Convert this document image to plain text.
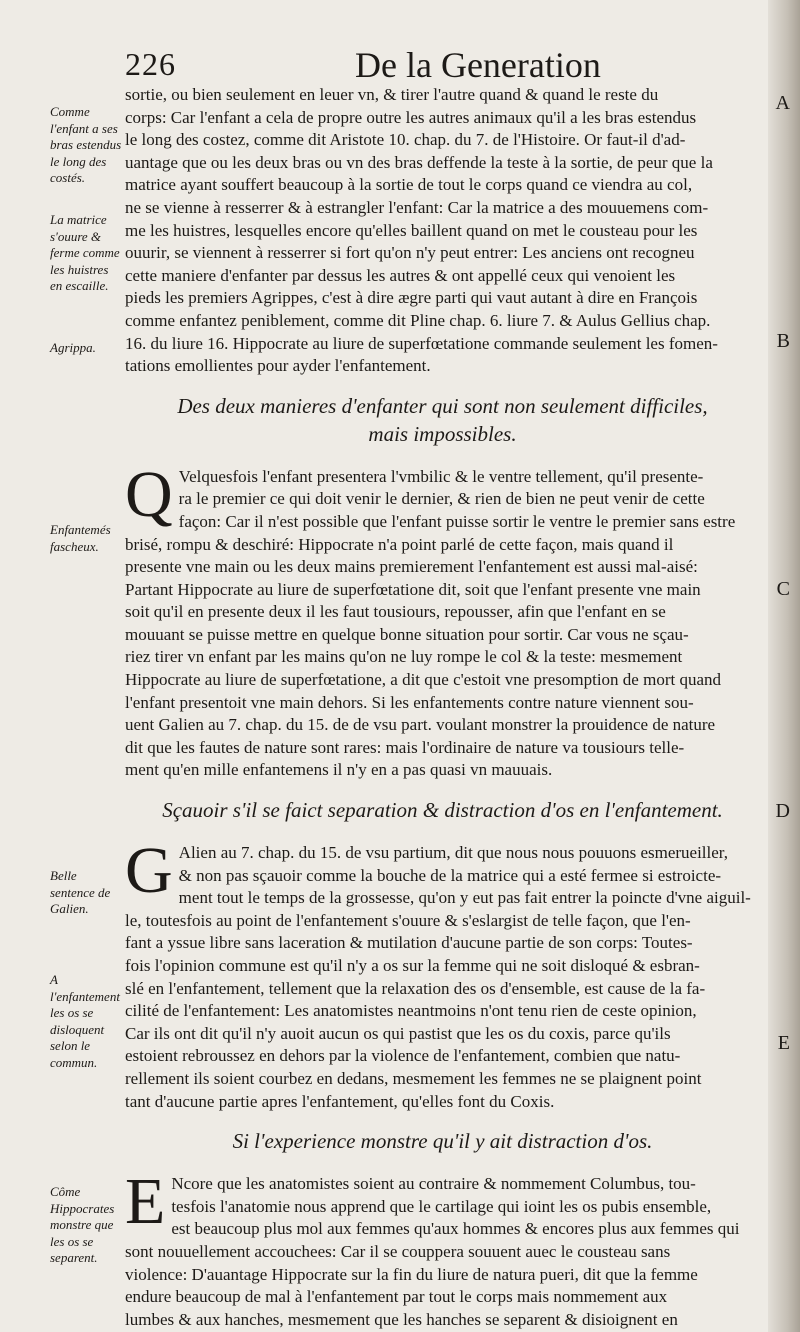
226	De la Generation
A
B
C
D
E
Comme l'enfant a ses bras estendus le long des costés.
La matrice s'ouure & ferme comme les huistres en escaille.
Agrippa.
Enfantemés fascheux.
Belle sentence de Galien.
A l'enfantement les os se disloquent selon le commun.
Côme Hippocrates monstre que les os se separent.

sortie, ou bien seulement en leuer vn, & tirer l'autre quand & quand le reste du
corps: Car l'enfant a cela de propre outre les autres animaux qu'il a les bras estendus
le long des costez, comme dit Aristote 10. chap. du 7. de l'Histoire. Or faut-il d'ad-
uantage que ou les deux bras ou vn des bras deffende la teste à la sortie, de peur que la
matrice ayant souffert beaucoup à la sortie de tout le corps quand ce viendra au col,
ne se vienne à resserrer & à estrangler l'enfant: Car la matrice a des mouuemens com-
me les huistres, lesquelles encore qu'elles baillent quand on met le cousteau pour les
ouurir, se viennent à resserrer si fort qu'on n'y peut entrer: Les anciens ont recogneu
cette maniere d'enfanter par dessus les autres & ont appellé ceux qui venoient les
pieds les premiers Agrippes, c'est à dire ægre parti qui vaut autant à dire en François
comme enfantez peniblement, comme dit Pline chap. 6. liure 7. & Aulus Gellius chap.
16. du liure 16. Hippocrate au liure de superfœtatione commande seulement les fomen-
tations emollientes pour ayder l'enfantement.

Des deux manieres d'enfanter qui sont non seulement difficiles,
mais impossibles.
Q Velquesfois l'enfant presentera l'vmbilic & le ventre tellement, qu'il presente-
ra le premier ce qui doit venir le dernier, & rien de bien ne peut venir de cette
façon: Car il n'est possible que l'enfant puisse sortir le ventre le premier sans estre
brisé, rompu & deschiré: Hippocrate n'a point parlé de cette façon, mais quand il
presente vne main ou les deux mains premierement l'enfantement est aussi mal-aisé:
Partant Hippocrate au liure de superfœtatione dit, soit que l'enfant presente vne main
soit qu'il en presente deux il les faut tousiours, repousser, afin que l'enfant en se
mouuant se puisse mettre en quelque bonne situation pour sortir. Car vous ne sçau-
riez tirer vn enfant par les mains qu'on ne luy rompe le col & la teste: mesmement
Hippocrate au liure de superfœtatione, a dit que c'estoit vne presomption de mort quand
l'enfant presentoit vne main dehors. Si les enfantements contre nature viennent sou-
uent Galien au 7. chap. du 15. de de vsu part. voulant monstrer la prouidence de nature
dit que les fautes de nature sont rares: mais l'ordinaire de nature va tousiours telle-
ment qu'en mille enfantemens il n'y en a pas quasi vn mauuais.
Sçauoir s'il se faict separation & distraction d'os en l'enfantement.
G Alien au 7. chap. du 15. de vsu partium, dit que nous nous pouuons esmerueiller,
& non pas sçauoir comme la bouche de la matrice qui a esté fermee si estroicte-
ment tout le temps de la grossesse, qu'on y eut pas fait entrer la poincte d'vne aiguil-
le, toutesfois au point de l'enfantement s'ouure & s'eslargist de telle façon, que l'en-
fant a yssue libre sans laceration & mutilation d'aucune partie de son corps: Toutes-
fois l'opinion commune est qu'il n'y a os sur la femme qui ne soit disloqué & esbran-
slé en l'enfantement, tellement que la relaxation des os d'ensemble, est cause de la fa-
cilité de l'enfantement: Les anatomistes neantmoins n'ont tenu rien de ceste opinion,
Car ils ont dit qu'il n'y auoit aucun os qui pastist que les os du coxis, parce qu'ils
estoient rebroussez en dehors par la violence de l'enfantement, combien que natu-
rellement ils soient courbez en dedans, mesmement les femmes ne se plaignent point
tant d'aucune partie apres l'enfantement, qu'elles font du Coxis.
Si l'experience monstre qu'il y ait distraction d'os.
E Ncore que les anatomistes soient au contraire & nommement Columbus, tou-
tesfois l'anatomie nous apprend que le cartilage qui ioint les os pubis ensemble,
est beaucoup plus mol aux femmes qu'aux hommes & encores plus aux femmes qui
sont nouuellement accouchees: Car il se couppera souuent auec le cousteau sans
violence: D'auantage Hippocrate sur la fin du liure de natura pueri, dit que la femme
endure beaucoup de mal à l'enfantement par tout le corps mais nommement aux
lumbes & aux hanches, mesmement que les hanches se separent & disioignent en
